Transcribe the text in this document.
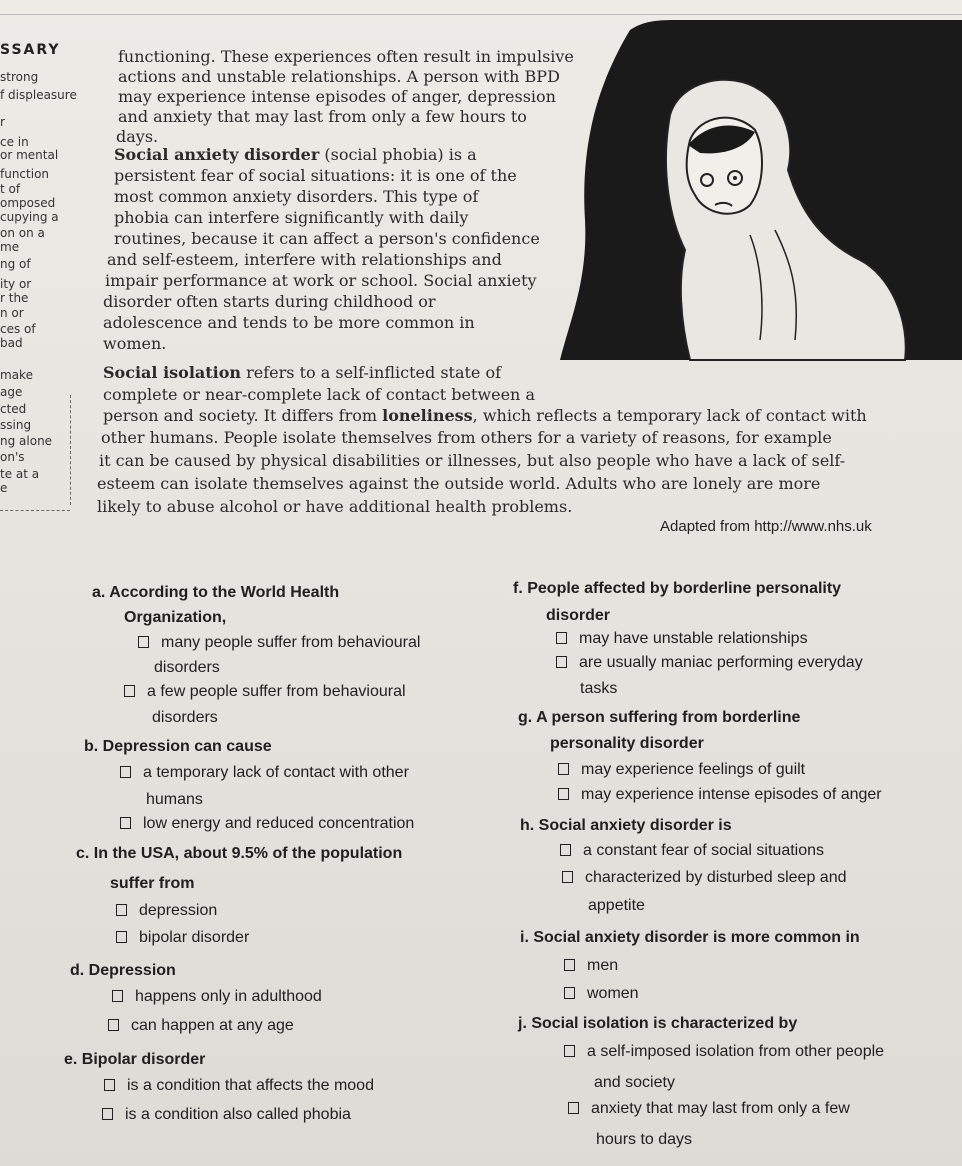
SSARY
strong
f displeasure
r
ce in
or mental
function
t of
omposed
cupying a
on on a
me
ng of
ity or
r the
n or
ces of
bad
make
age
cted
ssing
ng alone
on's
te at a
e
functioning. These experiences often result in impulsive
actions and unstable relationships. A person with BPD
may experience intense episodes of anger, depression
and anxiety that may last from only a few hours to
days.
Social anxiety disorder (social phobia) is a
persistent fear of social situations: it is one of the
most common anxiety disorders. This type of
phobia can interfere significantly with daily
routines, because it can affect a person's confidence
and self-esteem, interfere with relationships and
impair performance at work or school. Social anxiety
disorder often starts during childhood or
adolescence and tends to be more common in
women.
Social isolation refers to a self-inflicted state of
complete or near-complete lack of contact between a
person and society. It differs from loneliness, which reflects a temporary lack of contact with
other humans. People isolate themselves from others for a variety of reasons, for example
it can be caused by physical disabilities or illnesses, but also people who have a lack of self-
esteem can isolate themselves against the outside world. Adults who are lonely are more
likely to abuse alcohol or have additional health problems.
Adapted from http://www.nhs.uk
a. According to the World Health
Organization,
many people suffer from behavioural
disorders
a few people suffer from behavioural
disorders
b. Depression can cause
a temporary lack of contact with other
humans
low energy and reduced concentration
c. In the USA, about 9.5% of the population
suffer from
depression
bipolar disorder
d. Depression
happens only in adulthood
can happen at any age
e. Bipolar disorder
is a condition that affects the mood
is a condition also called phobia
f. People affected by borderline personality
disorder
may have unstable relationships
are usually maniac performing everyday
tasks
g. A person suffering from borderline
personality disorder
may experience feelings of guilt
may experience intense episodes of anger
h. Social anxiety disorder is
a constant fear of social situations
characterized by disturbed sleep and
appetite
i. Social anxiety disorder is more common in
men
women
j. Social isolation is characterized by
a self-imposed isolation from other people
and society
anxiety that may last from only a few
hours to days
